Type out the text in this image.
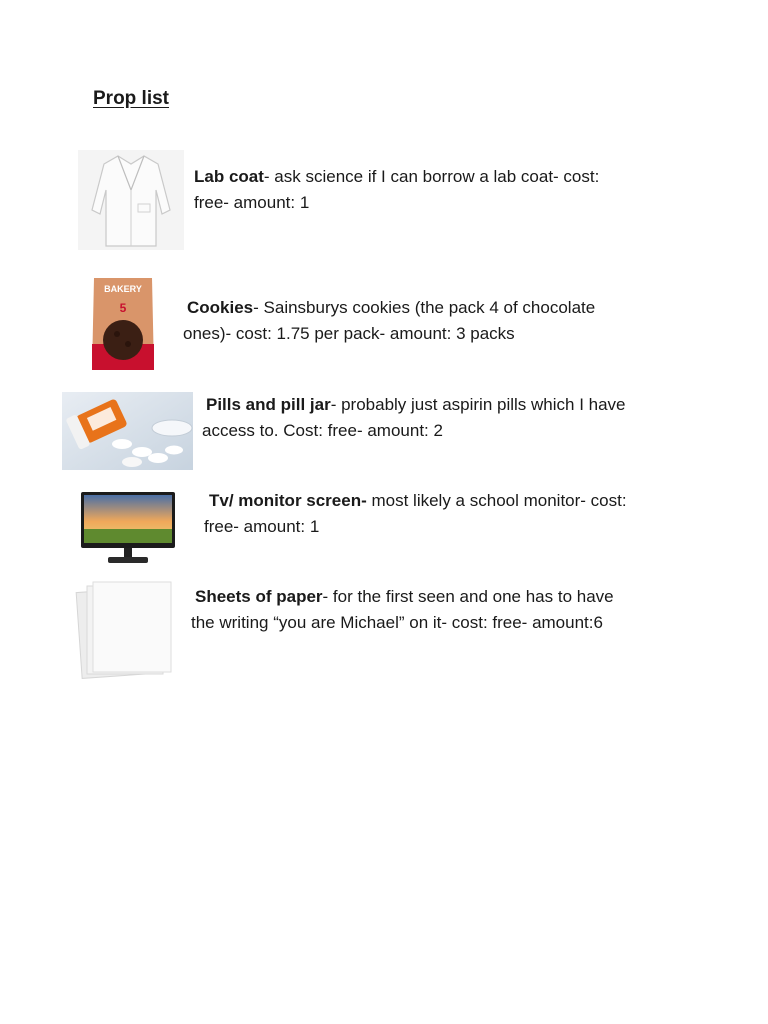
Prop list
Lab coat- ask science if I can borrow a lab coat- cost:
free- amount: 1
BAKERY
5	Cookies- Sainsburys cookies (the pack 4 of chocolate
ones)- cost: 1.75 per pack- amount: 3 packs
Pills and pill jar- probably just aspirin pills which I have
access to. Cost: free- amount: 2
Tv/ monitor screen- most likely a school monitor- cost:
free- amount: 1
Sheets of paper- for the first seen and one has to have
the writing “you are Michael” on it- cost: free- amount:6
